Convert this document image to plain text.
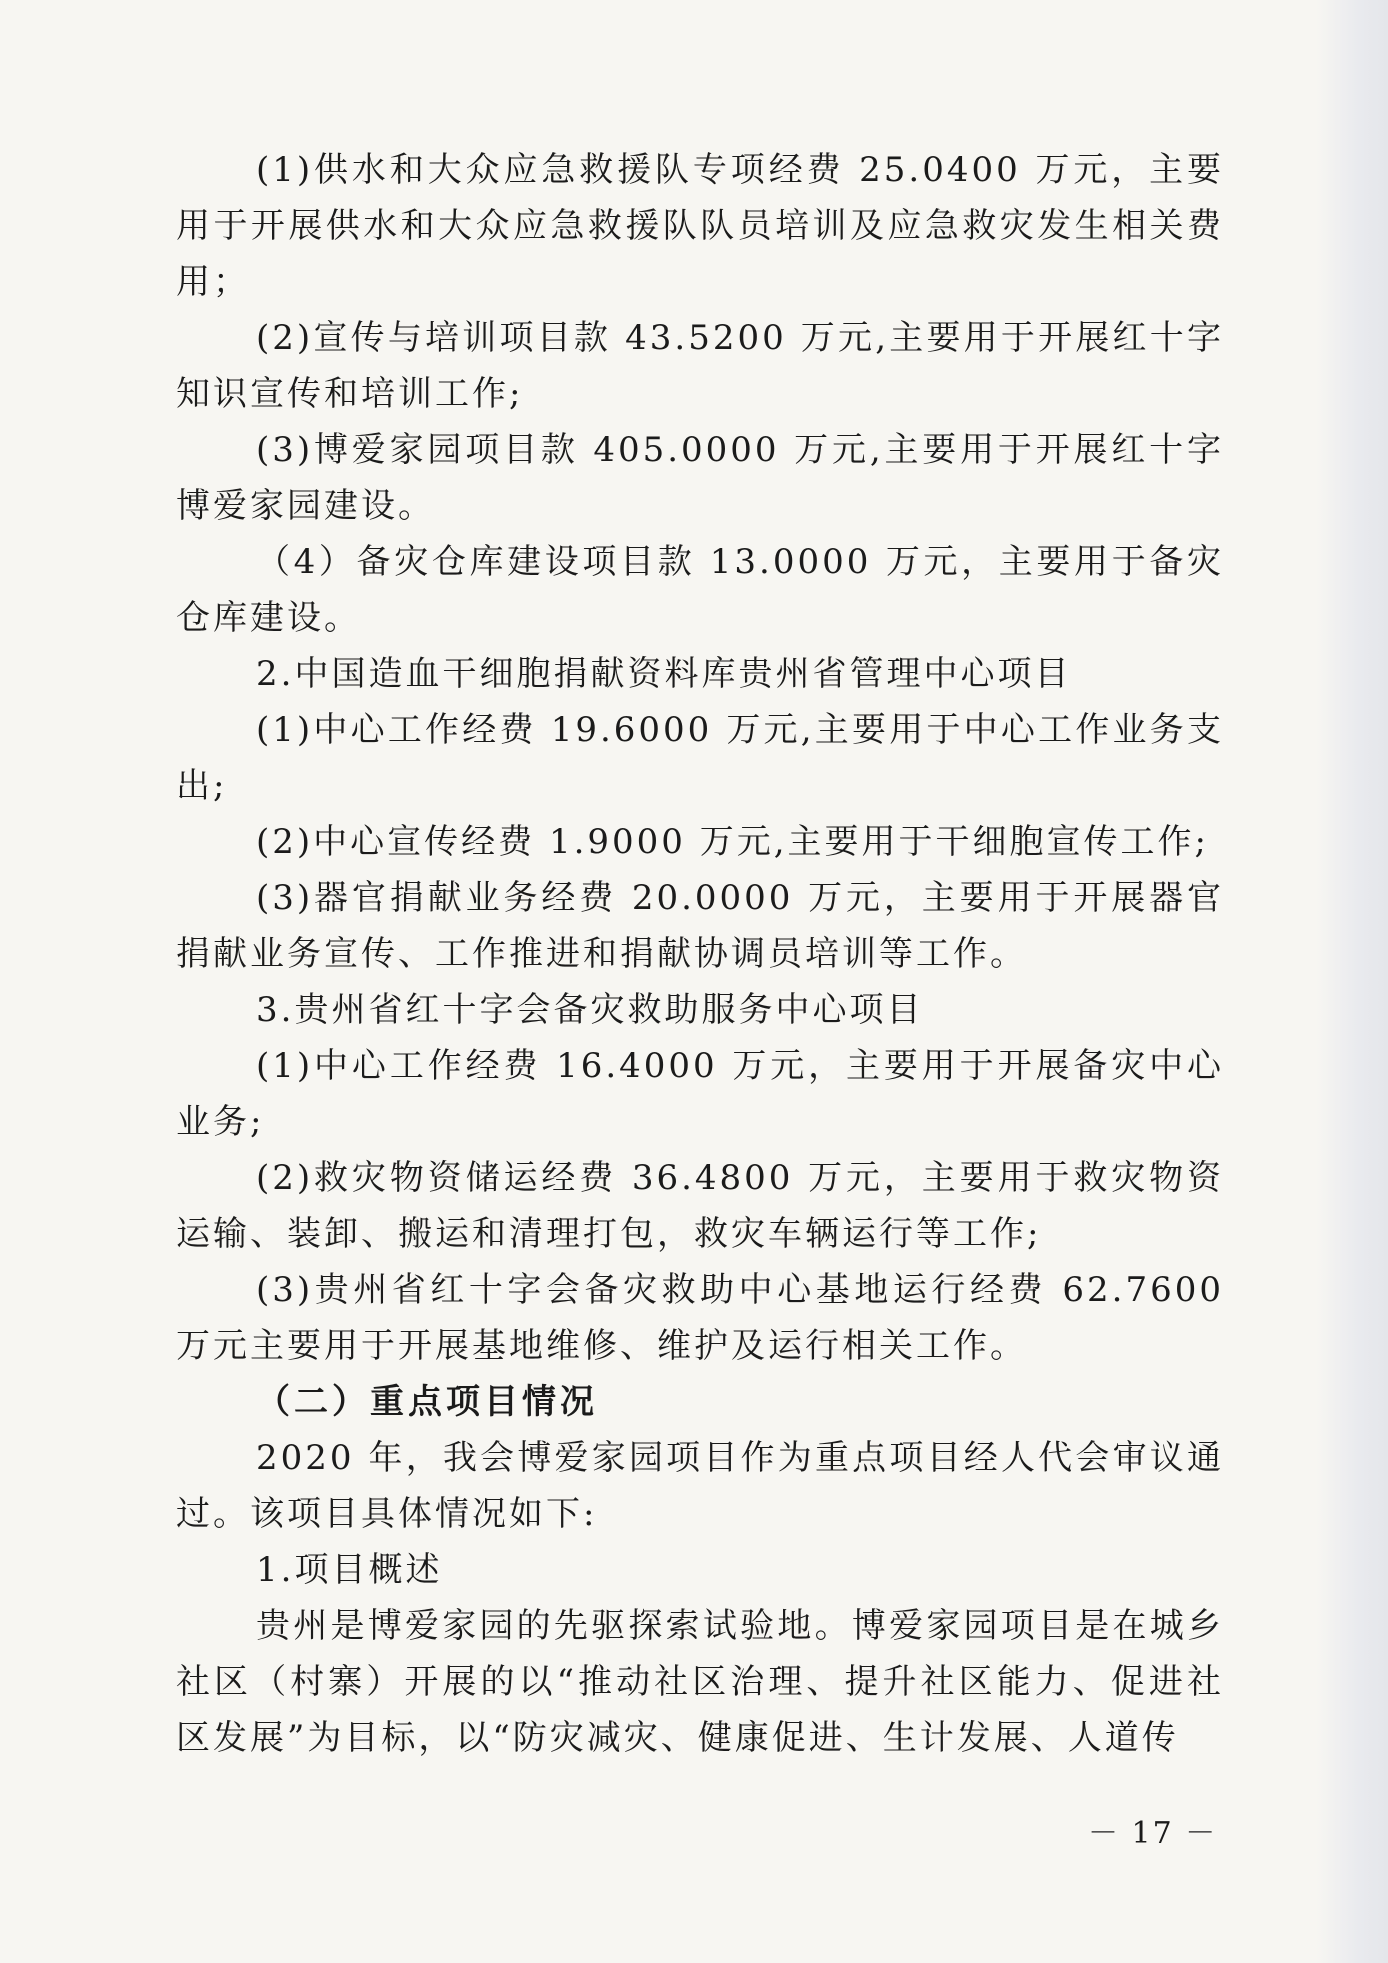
(1)供水和大众应急救援队专项经费 25.0400 万元，主要用于开展供水和大众应急救援队队员培训及应急救灾发生相关费用；

(2)宣传与培训项目款 43.5200 万元,主要用于开展红十字知识宣传和培训工作;

(3)博爱家园项目款 405.0000 万元,主要用于开展红十字博爱家园建设。

（4）备灾仓库建设项目款 13.0000 万元，主要用于备灾仓库建设。

2.中国造血干细胞捐献资料库贵州省管理中心项目

(1)中心工作经费 19.6000 万元,主要用于中心工作业务支出;

(2)中心宣传经费 1.9000 万元,主要用于干细胞宣传工作;

(3)器官捐献业务经费 20.0000 万元，主要用于开展器官捐献业务宣传、工作推进和捐献协调员培训等工作。

3.贵州省红十字会备灾救助服务中心项目

(1)中心工作经费 16.4000 万元，主要用于开展备灾中心业务;

(2)救灾物资储运经费 36.4800 万元，主要用于救灾物资运输、装卸、搬运和清理打包，救灾车辆运行等工作;

(3)贵州省红十字会备灾救助中心基地运行经费 62.7600 万元主要用于开展基地维修、维护及运行相关工作。

（二）重点项目情况

2020 年，我会博爱家园项目作为重点项目经人代会审议通过。该项目具体情况如下:

1.项目概述

贵州是博爱家园的先驱探索试验地。博爱家园项目是在城乡社区（村寨）开展的以“推动社区治理、提升社区能力、促进社区发展”为目标，以“防灾减灾、健康促进、生计发展、人道传

－ 17 －
